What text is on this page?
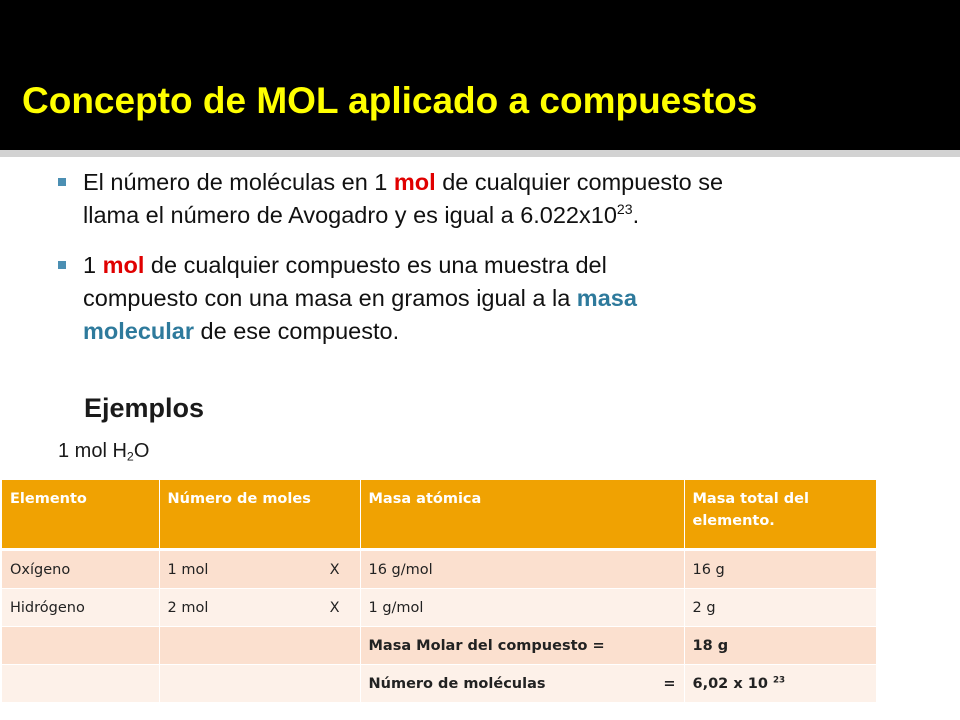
Concepto de MOL aplicado a compuestos
El número de moléculas en 1 mol de cualquier compuesto se
llama el número de Avogadro y es igual a $6.022x10^{23}$.
1 mol de cualquier compuesto es una muestra del
compuesto con una masa en gramos igual a la masa
molecular de ese compuesto.
Ejemplos
1 mol $H_2O$
Elemento	Número de moles	Masa atómica	Masa total del elemento.
Oxígeno	1 mol X	16 g/mol	16 g
Hidrógeno	2 mol X	1 g/mol	2 g
		Masa Molar del compuesto =	18 g

		Número de moléculas =	6,02 x 10 $^{23}$
